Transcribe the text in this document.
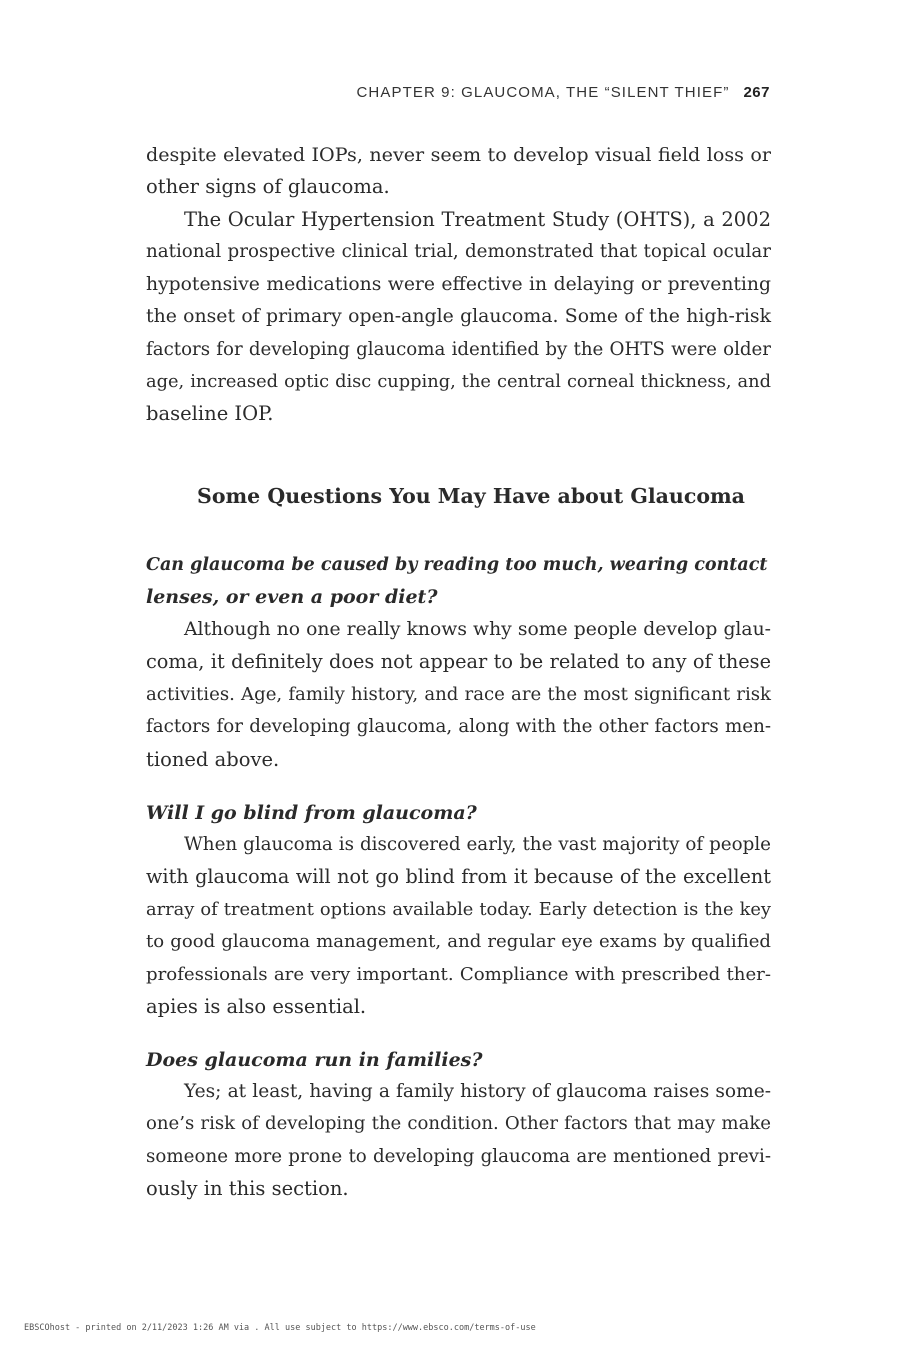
CHAPTER 9: GLAUCOMA, THE “SILENT THIEF” 267
despite elevated IOPs, never seem to develop visual field loss or
other signs of glaucoma.
The Ocular Hypertension Treatment Study (OHTS), a 2002
national prospective clinical trial, demonstrated that topical ocular
hypotensive medications were effective in delaying or preventing
the onset of primary open-angle glaucoma. Some of the high-risk
factors for developing glaucoma identified by the OHTS were older
age, increased optic disc cupping, the central corneal thickness, and
baseline IOP.
Some Questions You May Have about Glaucoma
Can glaucoma be caused by reading too much, wearing contact
lenses, or even a poor diet?
Although no one really knows why some people develop glau-
coma, it definitely does not appear to be related to any of these
activities. Age, family history, and race are the most significant risk
factors for developing glaucoma, along with the other factors men-
tioned above.
Will I go blind from glaucoma?
When glaucoma is discovered early, the vast majority of people
with glaucoma will not go blind from it because of the excellent
array of treatment options available today. Early detection is the key
to good glaucoma management, and regular eye exams by qualified
professionals are very important. Compliance with prescribed ther-
apies is also essential.
Does glaucoma run in families?
Yes; at least, having a family history of glaucoma raises some-
one’s risk of developing the condition. Other factors that may make
someone more prone to developing glaucoma are mentioned previ-
ously in this section.
EBSCOhost - printed on 2/11/2023 1:26 AM via . All use subject to https://www.ebsco.com/terms-of-use
